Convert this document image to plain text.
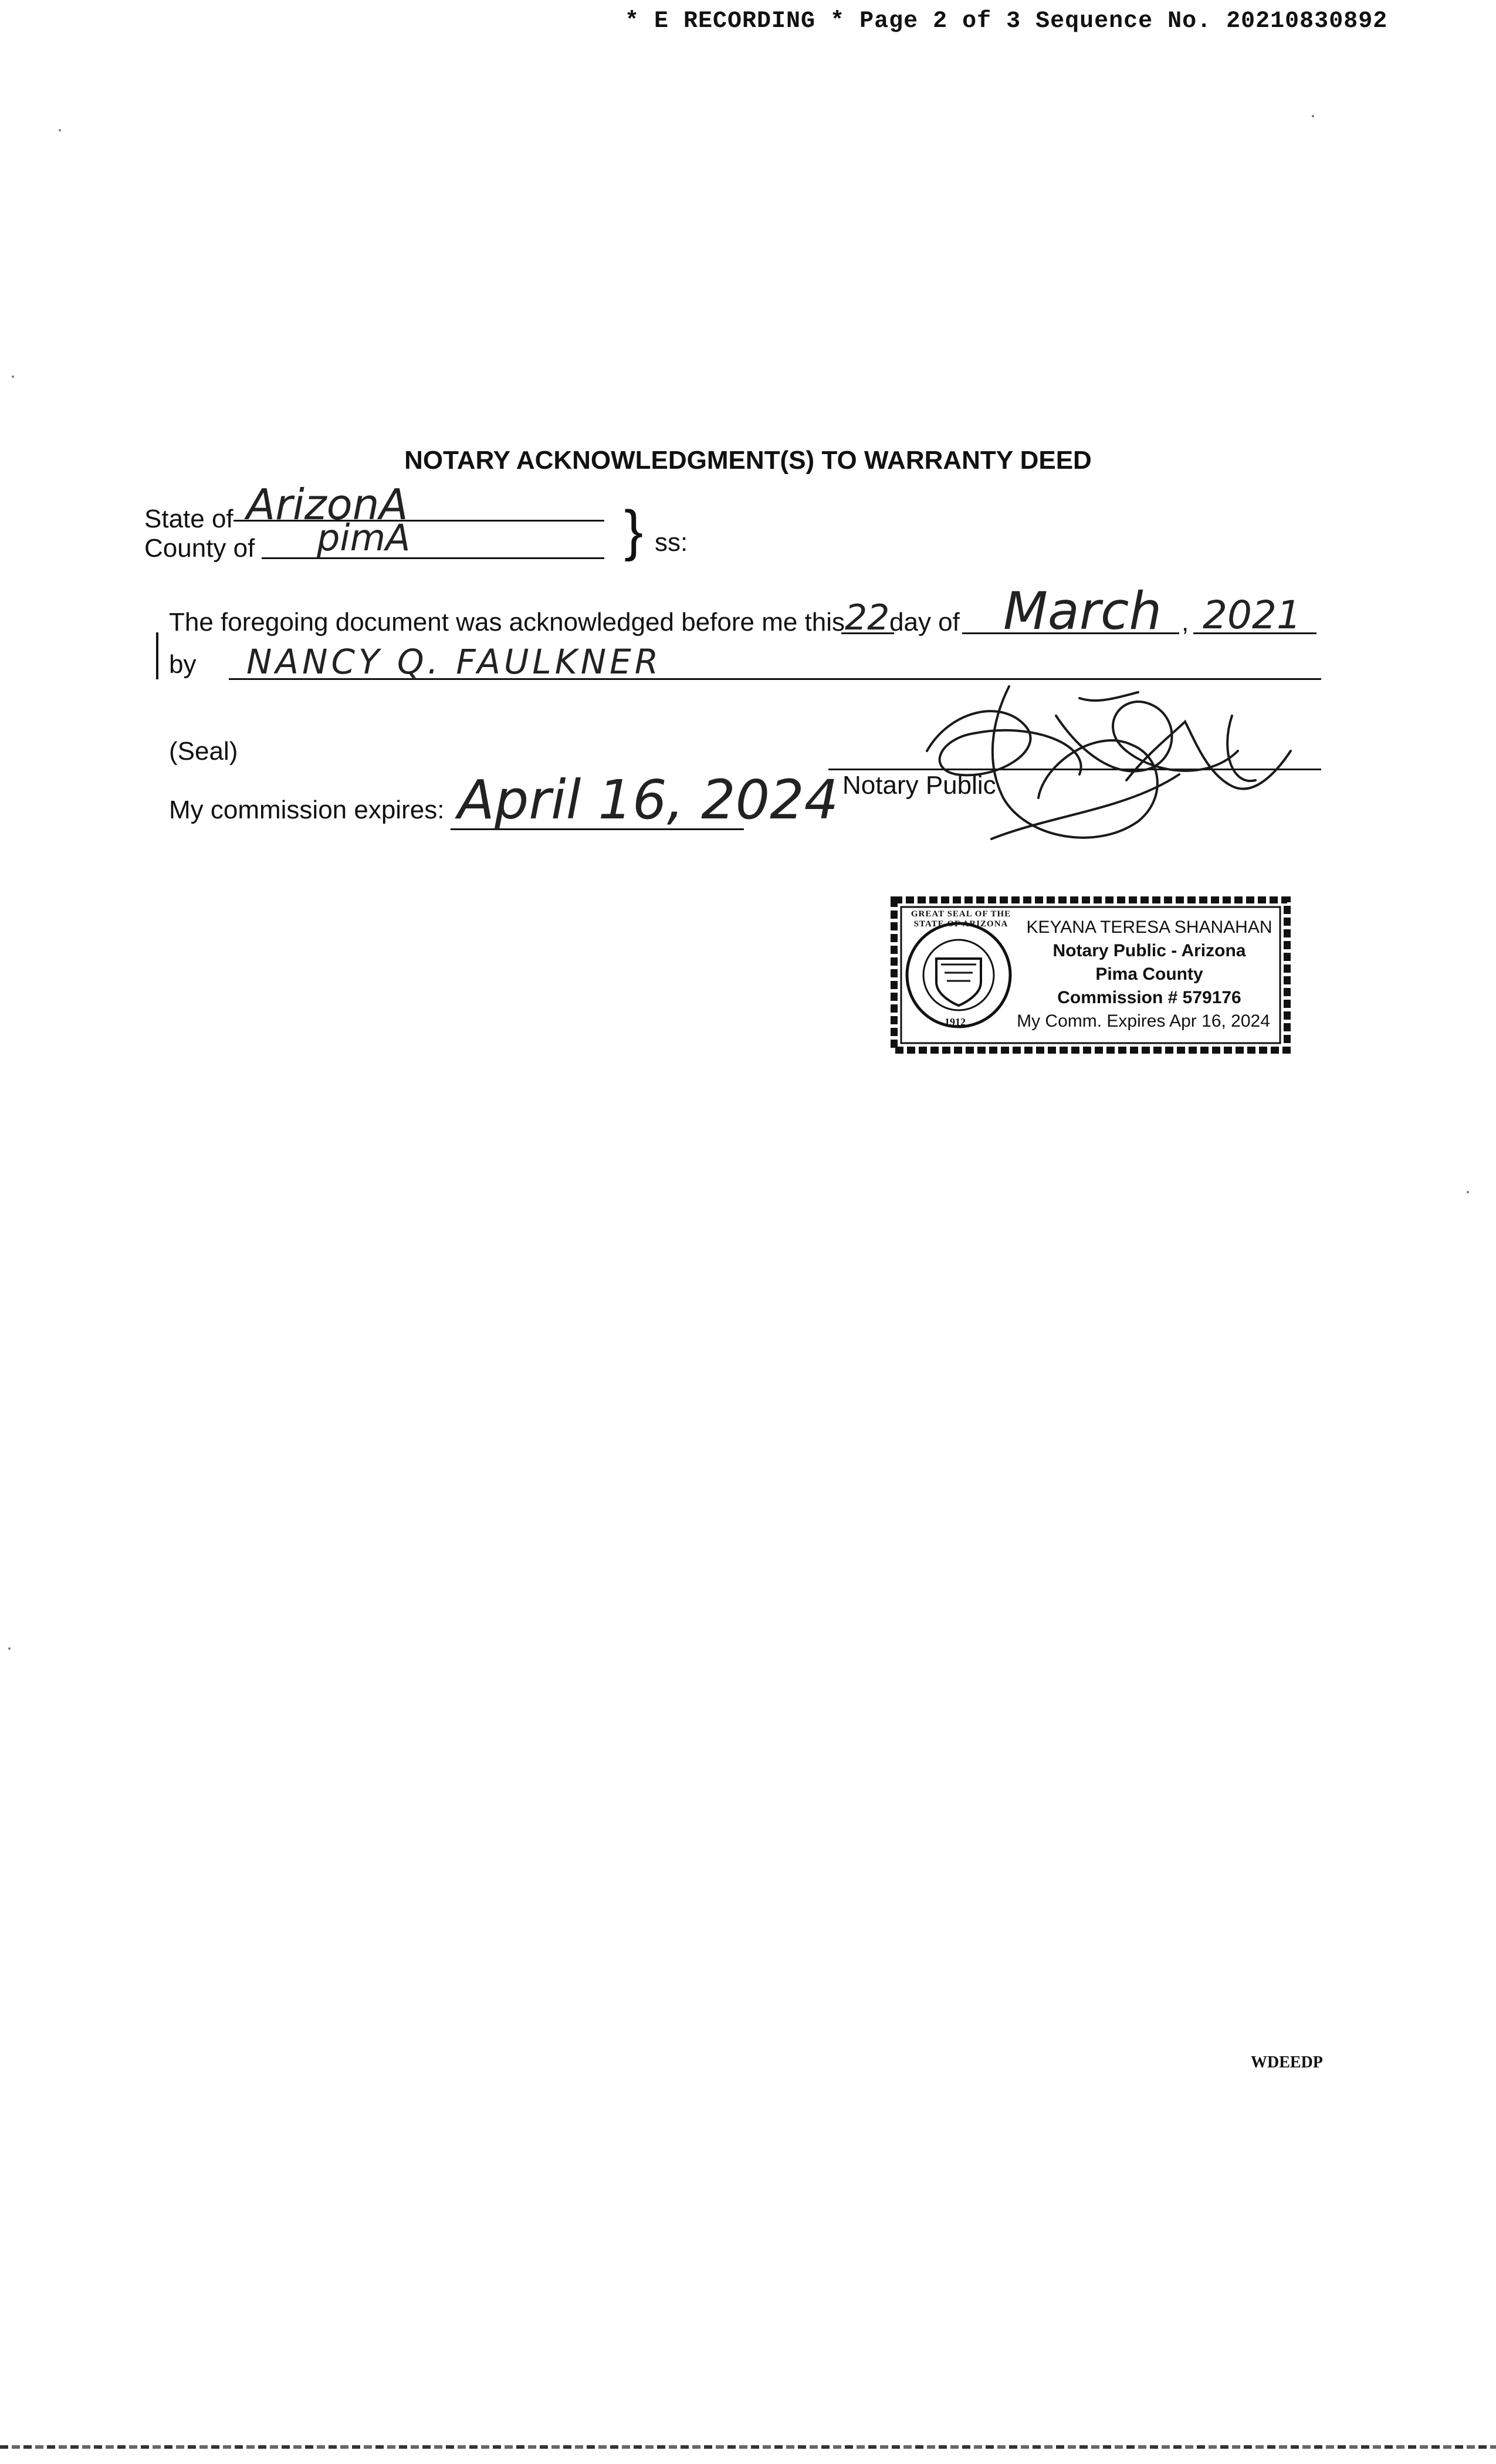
* E RECORDING * Page 2 of 3 Sequence No. 20210830892
NOTARY ACKNOWLEDGMENT(S) TO WARRANTY DEED
State of ArizonA
County of pimA	} ss:
The foregoing document was acknowledged before me this 22 day of March , 2021
by NANCY Q. FAULKNER
(Seal)
Notary Public
My commission expires: April 16, 2024
GREAT SEAL OF THE STATE OF ARIZONA
1912
KEYANA TERESA SHANAHAN
Notary Public - Arizona
Pima County
Commission # 579176
My Comm. Expires Apr 16, 2024
WDEEDP
